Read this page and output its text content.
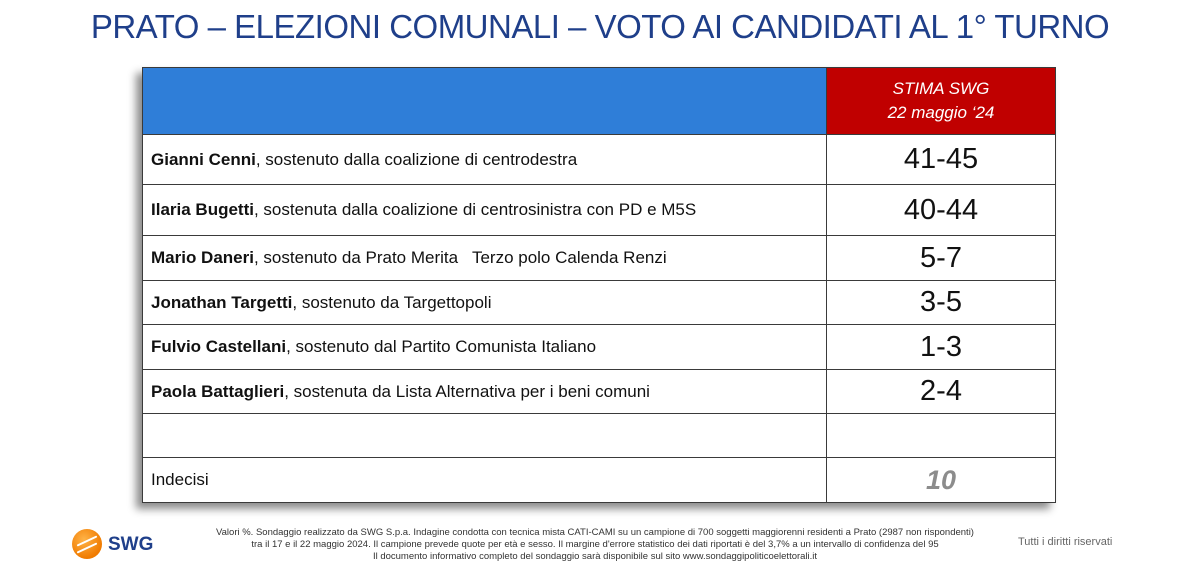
PRATO – ELEZIONI COMUNALI – VOTO AI CANDIDATI AL 1° TURNO
STIMA SWG
22 maggio ‘24
Gianni Cenni , sostenuto dalla coalizione di centrodestra	41-45
Ilaria Bugetti , sostenuta dalla coalizione di centrosinistra con PD e M5S	40-44
Mario Daneri , sostenuto da Prato Merita   Terzo polo Calenda Renzi	5-7
Jonathan Targetti , sostenuto da Targettopoli	3-5
Fulvio Castellani , sostenuto dal Partito Comunista Italiano	1-3
Paola Battaglieri , sostenuta da Lista Alternativa per i beni comuni	2-4
Indecisi	10
SWG
Valori %. Sondaggio realizzato da SWG S.p.a. Indagine condotta con tecnica mista CATI-CAMI su un campione di 700 soggetti maggiorenni residenti a Prato (2987 non rispondenti)
tra il 17 e il 22 maggio 2024. Il campione prevede quote per età e sesso. Il margine d'errore statistico dei dati riportati è del 3,7% a un intervallo di confidenza del 95
Il documento informativo completo del sondaggio sarà disponibile sul sito www.sondaggipoliticoelettorali.it
Tutti i diritti riservati
